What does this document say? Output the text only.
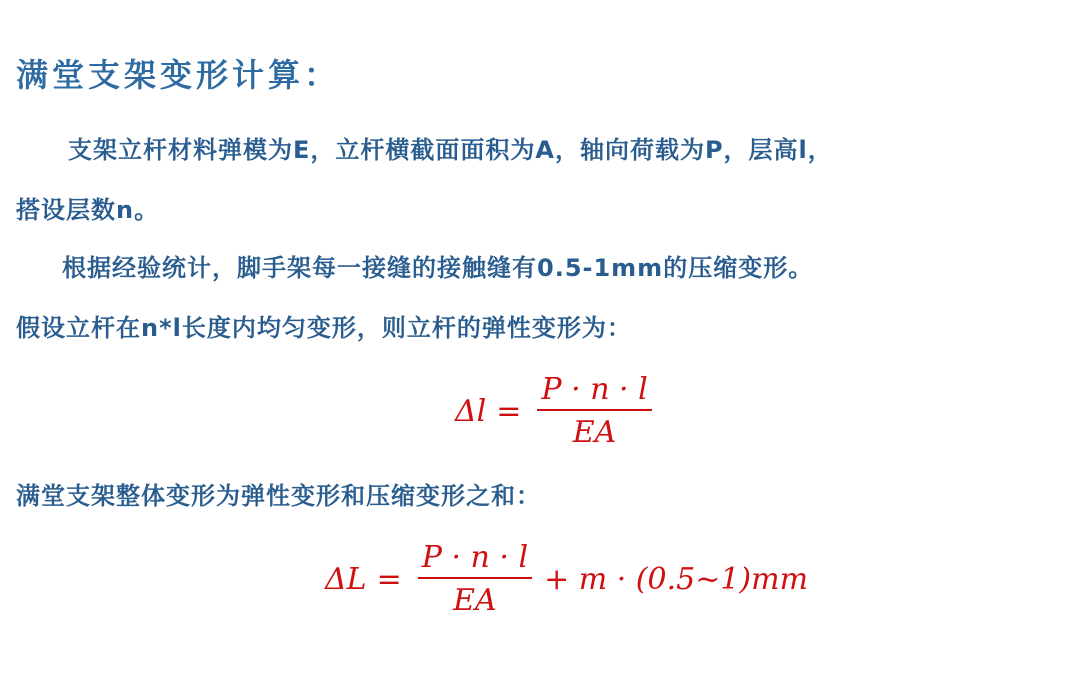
满堂支架变形计算：
支架立杆材料弹模为E，立杆横截面面积为A，轴向荷载为P，层高l，
搭设层数n。
根据经验统计，脚手架每一接缝的接触缝有0.5-1mm的压缩变形。
假设立杆在n*l长度内均匀变形，则立杆的弹性变形为：
$\Delta l = \frac{P \cdot n \cdot l}{EA}$
满堂支架整体变形为弹性变形和压缩变形之和：
$\Delta L = \frac{P \cdot n \cdot l}{EA} + m$ · (0.5~1)mm
